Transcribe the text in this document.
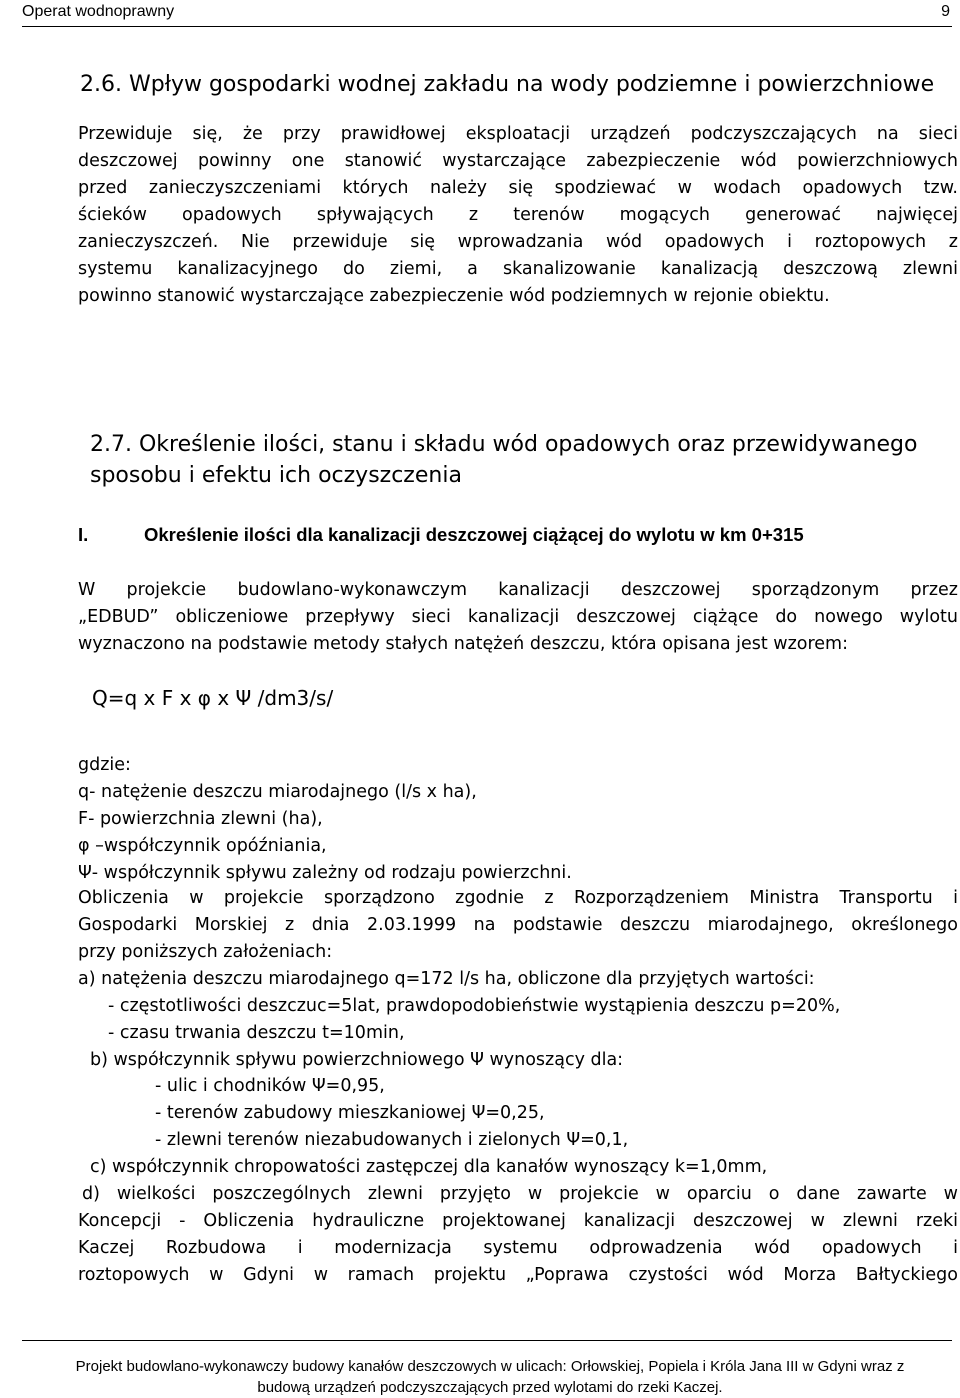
Operat wodnoprawny	9
2.6. Wpływ gospodarki wodnej zakładu na wody podziemne i powierzchniowe
Przewiduje się, że przy prawidłowej eksploatacji urządzeń podczyszczających na sieci
deszczowej powinny one stanowić wystarczające zabezpieczenie wód powierzchniowych
przed zanieczyszczeniami których należy się spodziewać w wodach opadowych tzw.
ścieków opadowych spływających z terenów mogących generować najwięcej
zanieczyszczeń. Nie przewiduje się wprowadzania wód opadowych i roztopowych z
systemu kanalizacyjnego do ziemi, a skanalizowanie kanalizacją deszczową zlewni
powinno stanowić wystarczające zabezpieczenie wód podziemnych w rejonie obiektu.
2.7. Określenie ilości, stanu i składu wód opadowych oraz przewidywanego
sposobu i efektu ich oczyszczenia
I.	Określenie ilości dla kanalizacji deszczowej ciążącej do wylotu w km 0+315
W projekcie budowlano-wykonawczym kanalizacji deszczowej sporządzonym przez
„EDBUD” obliczeniowe przepływy sieci kanalizacji deszczowej ciążące do nowego wylotu
wyznaczono na podstawie metody stałych natężeń deszczu, która opisana jest wzorem:
Q=q x F x φ x Ψ /dm3/s/
gdzie:
q- natężenie deszczu miarodajnego (l/s x ha),
F- powierzchnia zlewni (ha),
φ –współczynnik opóźniania,
Ψ- współczynnik spływu zależny od rodzaju powierzchni.
Obliczenia w projekcie sporządzono zgodnie z Rozporządzeniem Ministra Transportu i
Gospodarki Morskiej z dnia 2.03.1999 na podstawie deszczu miarodajnego, określonego
przy poniższych założeniach:
a) natężenia deszczu miarodajnego q=172 l/s ha, obliczone dla przyjętych wartości:
- częstotliwości deszczuc=5lat, prawdopodobieństwie wystąpienia deszczu p=20%,
- czasu trwania deszczu t=10min,
b) współczynnik spływu powierzchniowego Ψ wynoszący dla:
- ulic i chodników Ψ=0,95,
- terenów zabudowy mieszkaniowej Ψ=0,25,
- zlewni terenów niezabudowanych i zielonych Ψ=0,1,
c) współczynnik chropowatości zastępczej dla kanałów wynoszący k=1,0mm,
d) wielkości poszczególnych zlewni przyjęto w projekcie w oparciu o dane zawarte w
Koncepcji - Obliczenia hydrauliczne projektowanej kanalizacji deszczowej w zlewni rzeki
Kaczej Rozbudowa i modernizacja systemu odprowadzenia wód opadowych i
roztopowych w Gdyni w ramach projektu „Poprawa czystości wód Morza Bałtyckiego
Projekt budowlano-wykonawczy budowy kanałów deszczowych w ulicach: Orłowskiej, Popiela i Króla Jana III w Gdyni wraz z
budową urządzeń podczyszczających przed wylotami do rzeki Kaczej.
